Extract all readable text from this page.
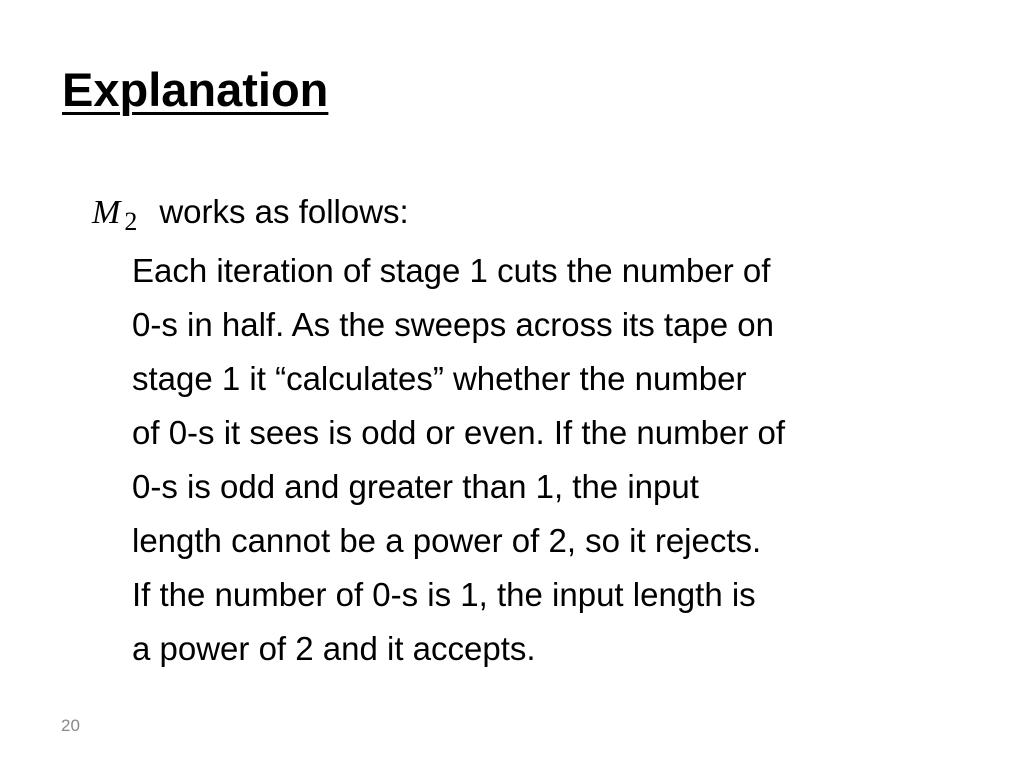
Explanation
M $_2$ works as follows:

Each iteration of stage 1 cuts the number of

0-s in half. As the sweeps across its tape on

stage 1 it “calculates” whether the number

of 0-s it sees is odd or even. If the number of

0-s is odd and greater than 1, the input

length cannot be a power of 2, so it rejects.

If the number of 0-s is 1, the input length is

a power of 2 and it accepts.

20
